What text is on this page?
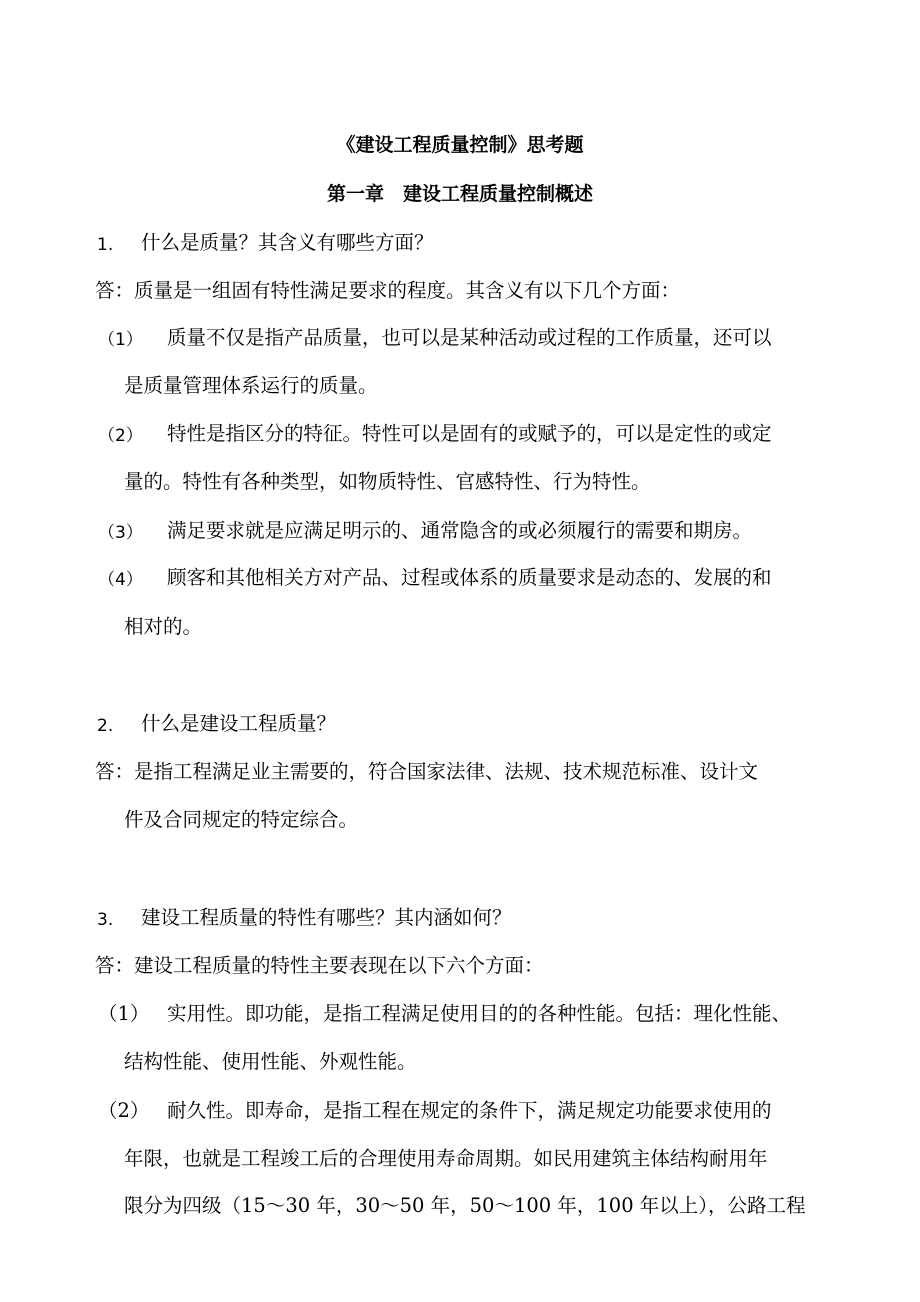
《建设工程质量控制》思考题
第一章　建设工程质量控制概述
1. 什么是质量？其含义有哪些方面？
答：质量是一组固有特性满足要求的程度。其含义有以下几个方面：
（1） 质量不仅是指产品质量，也可以是某种活动或过程的工作质量，还可以
是质量管理体系运行的质量。
（2） 特性是指区分的特征。特性可以是固有的或赋予的，可以是定性的或定
量的。特性有各种类型，如物质特性、官感特性、行为特性。
（3） 满足要求就是应满足明示的、通常隐含的或必须履行的需要和期房。
（4） 顾客和其他相关方对产品、过程或体系的质量要求是动态的、发展的和
相对的。
2. 什么是建设工程质量？
答：是指工程满足业主需要的，符合国家法律、法规、技术规范标准、设计文
件及合同规定的特定综合。
3. 建设工程质量的特性有哪些？其内涵如何？
答：建设工程质量的特性主要表现在以下六个方面：
（1） 实用性。即功能，是指工程满足使用目的的各种性能。包括：理化性能、
结构性能、使用性能、外观性能。
（2） 耐久性。即寿命，是指工程在规定的条件下，满足规定功能要求使用的
年限，也就是工程竣工后的合理使用寿命周期。如民用建筑主体结构耐用年
限分为四级（15～30 年，30～50 年，50～100 年，100 年以上），公路工程
